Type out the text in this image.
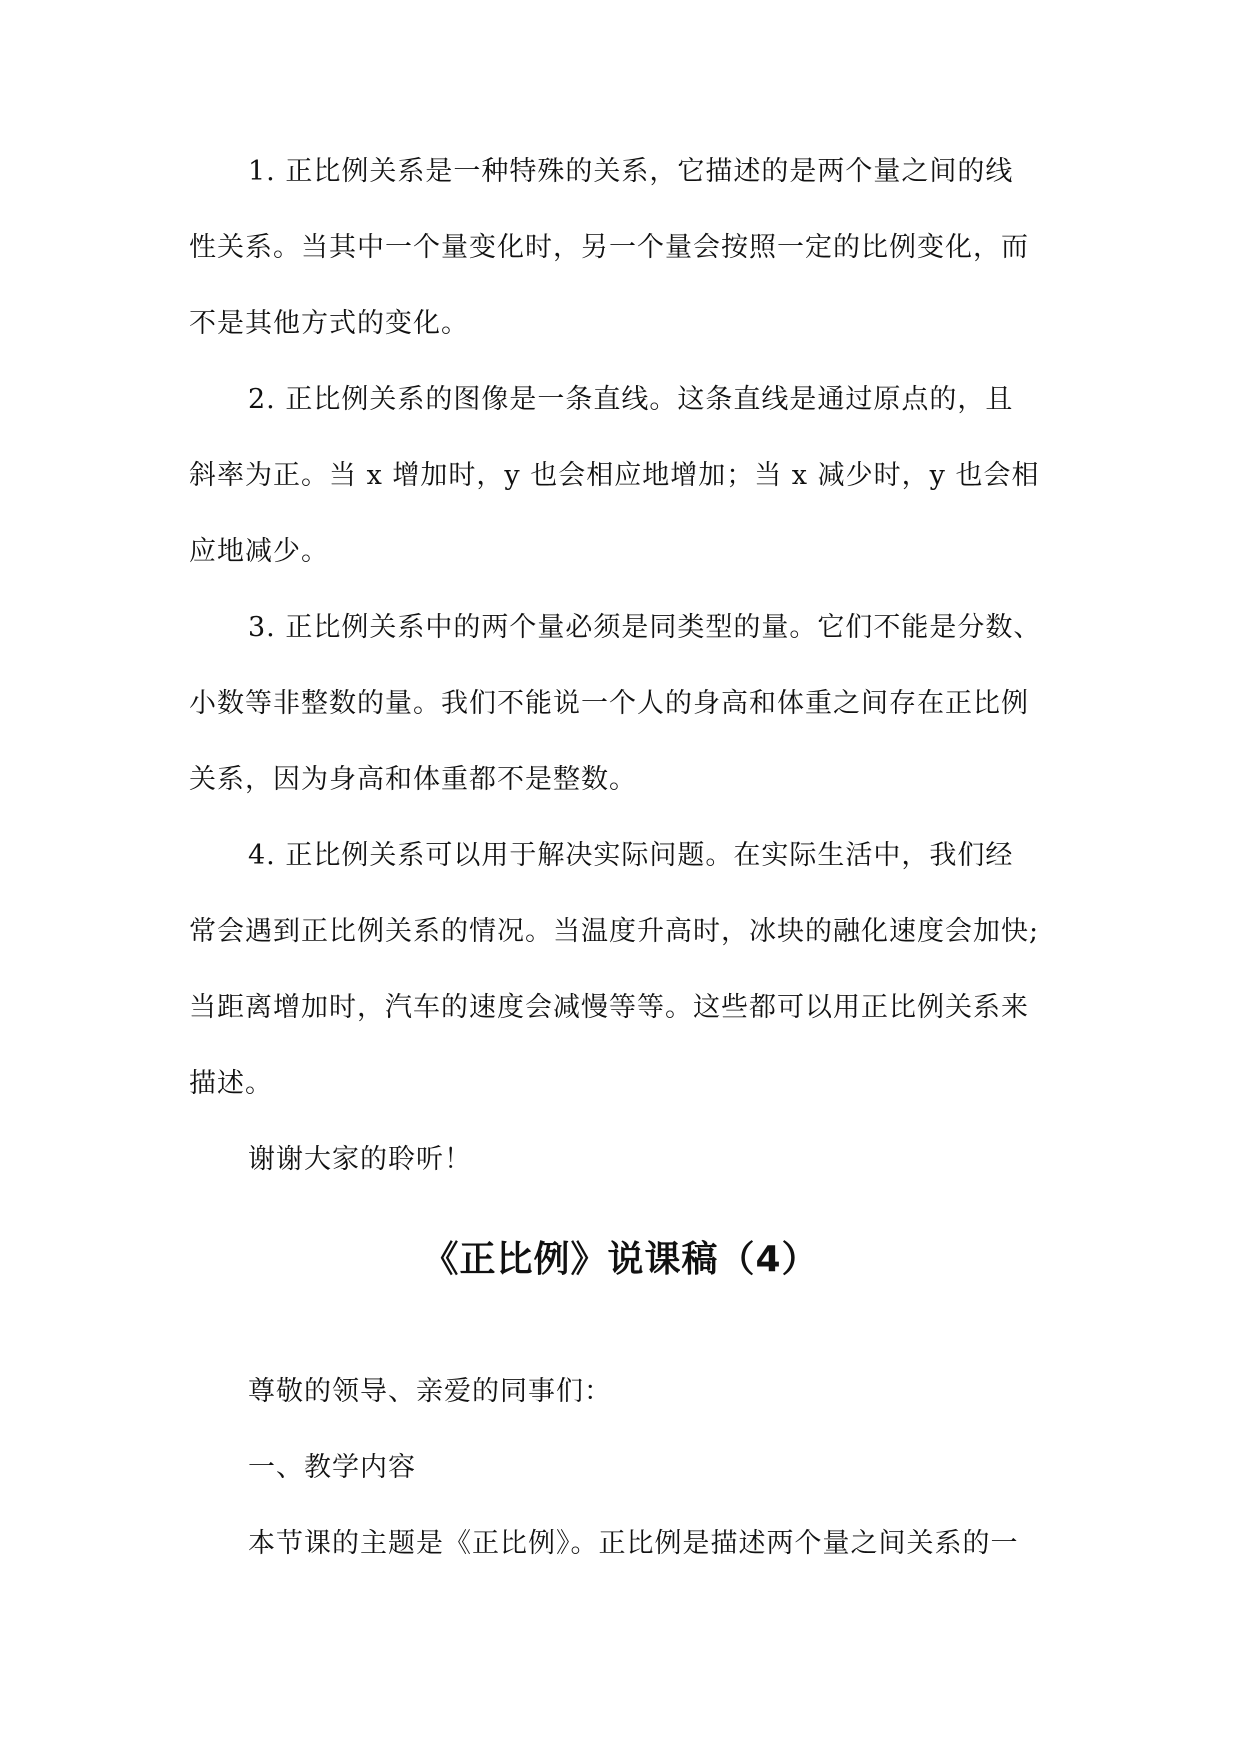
1. 正比例关系是一种特殊的关系，它描述的是两个量之间的线
性关系。当其中一个量变化时，另一个量会按照一定的比例变化，而
不是其他方式的变化。
2. 正比例关系的图像是一条直线。这条直线是通过原点的，且
斜率为正。当 x 增加时，y 也会相应地增加；当 x 减少时，y 也会相
应地减少。
3. 正比例关系中的两个量必须是同类型的量。它们不能是分数、
小数等非整数的量。我们不能说一个人的身高和体重之间存在正比例
关系，因为身高和体重都不是整数。
4. 正比例关系可以用于解决实际问题。在实际生活中，我们经
常会遇到正比例关系的情况。当温度升高时，冰块的融化速度会加快;
当距离增加时，汽车的速度会减慢等等。这些都可以用正比例关系来
描述。
谢谢大家的聆听！
《正比例》说课稿（4）
尊敬的领导、亲爱的同事们：
一、教学内容
本节课的主题是《正比例》。正比例是描述两个量之间关系的一
